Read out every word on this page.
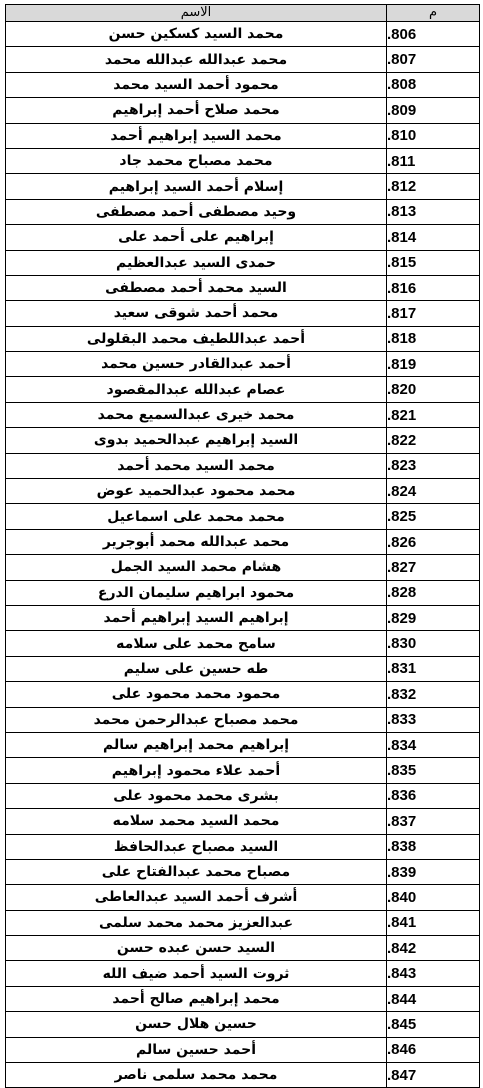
الاسم	م
محمد السيد كسكين حسن	.806
محمد عبدالله عبدالله محمد	.807
محمود أحمد السيد محمد	.808
محمد صلاح أحمد إبراهيم	.809
محمد السيد إبراهيم أحمد	.810
محمد مصباح محمد جاد	.811
إسلام أحمد السيد إبراهيم	.812
وحيد مصطفى أحمد مصطفى	.813
إبراهيم على أحمد على	.814
حمدى السيد عبدالعظيم	.815
السيد محمد أحمد مصطفى	.816
محمد أحمد شوقى سعيد	.817
أحمد عبداللطيف محمد البقلولى	.818
أحمد عبدالقادر حسين محمد	.819
عصام عبدالله عبدالمقصود	.820
محمد خيرى عبدالسميع محمد	.821
السيد إبراهيم عبدالحميد بدوى	.822
محمد السيد محمد أحمد	.823
محمد محمود عبدالحميد عوض	.824
محمد محمد على اسماعيل	.825
محمد عبدالله محمد أبوجرير	.826
هشام محمد السيد الجمل	.827
محمود ابراهيم سليمان الدرع	.828
إبراهيم السيد إبراهيم أحمد	.829
سامح محمد على سلامه	.830
طه حسين على سليم	.831
محمود محمد محمود على	.832
محمد مصباح عبدالرحمن محمد	.833
إبراهيم محمد إبراهيم سالم	.834
أحمد علاء محمود إبراهيم	.835
بشرى محمد محمود على	.836
محمد السيد محمد سلامه	.837
السيد مصباح عبدالحافظ	.838
مصباح محمد عبدالفتاح على	.839
أشرف أحمد السيد عبدالعاطى	.840
عبدالعزيز محمد محمد سلمى	.841
السيد حسن عبده حسن	.842
ثروت السيد أحمد ضيف الله	.843
محمد إبراهيم صالح أحمد	.844
حسين هلال حسن	.845
أحمد حسين سالم	.846
محمد محمد سلمى ناصر	.847
